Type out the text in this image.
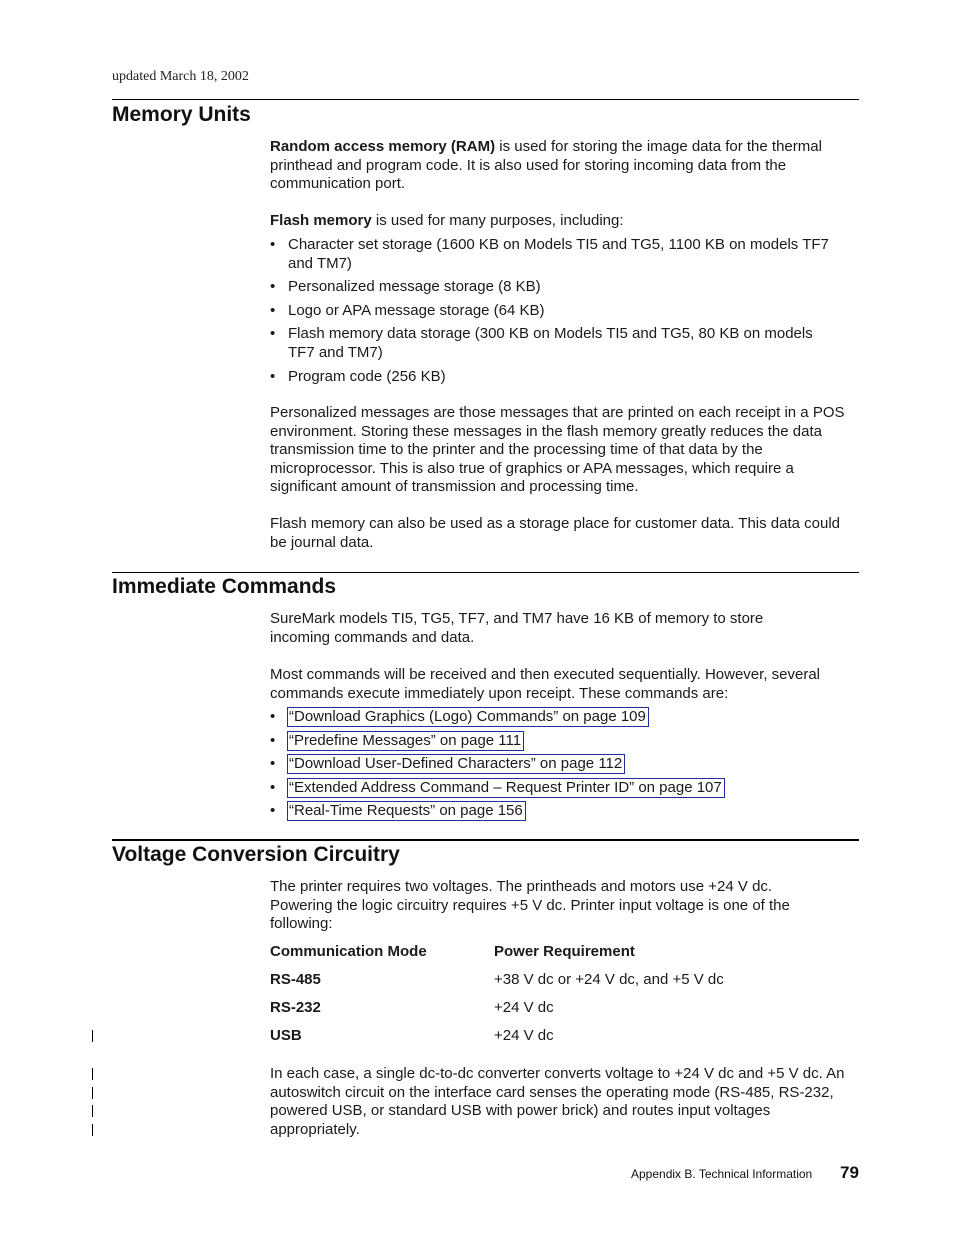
updated March 18, 2002
Memory Units

Random access memory (RAM) is used for storing the image data for the thermal printhead and program code. It is also used for storing incoming data from the communication port.

Flash memory is used for many purposes, including:

• Character set storage (1600 KB on Models TI5 and TG5, 1100 KB on models TF7 and TM7)
• Personalized message storage (8 KB)
• Logo or APA message storage (64 KB)
• Flash memory data storage (300 KB on Models TI5 and TG5, 80 KB on models TF7 and TM7)
• Program code (256 KB)

Personalized messages are those messages that are printed on each receipt in a POS environment. Storing these messages in the flash memory greatly reduces the data transmission time to the printer and the processing time of that data by the microprocessor. This is also true of graphics or APA messages, which require a significant amount of transmission and processing time.

Flash memory can also be used as a storage place for customer data. This data could be journal data.

Immediate Commands

SureMark models TI5, TG5, TF7, and TM7 have 16 KB of memory to store incoming commands and data.

Most commands will be received and then executed sequentially. However, several commands execute immediately upon receipt. These commands are:

• “Download Graphics (Logo) Commands” on page 109
• “Predefine Messages” on page 111
• “Download User-Defined Characters” on page 112
• “Extended Address Command – Request Printer ID” on page 107
• “Real-Time Requests” on page 156
Voltage Conversion Circuitry

The printer requires two voltages. The printheads and motors use +24 V dc. Powering the logic circuitry requires +5 V dc. Printer input voltage is one of the following:

Communication Mode	Power Requirement
RS-485	+38 V dc or +24 V dc, and +5 V dc
RS-232	+24 V dc
USB	+24 V dc

In each case, a single dc-to-dc converter converts voltage to +24 V dc and +5 V dc. An autoswitch circuit on the interface card senses the operating mode (RS-485, RS-232, powered USB, or standard USB with power brick) and routes input voltages appropriately.

Appendix B. Technical Information 79
